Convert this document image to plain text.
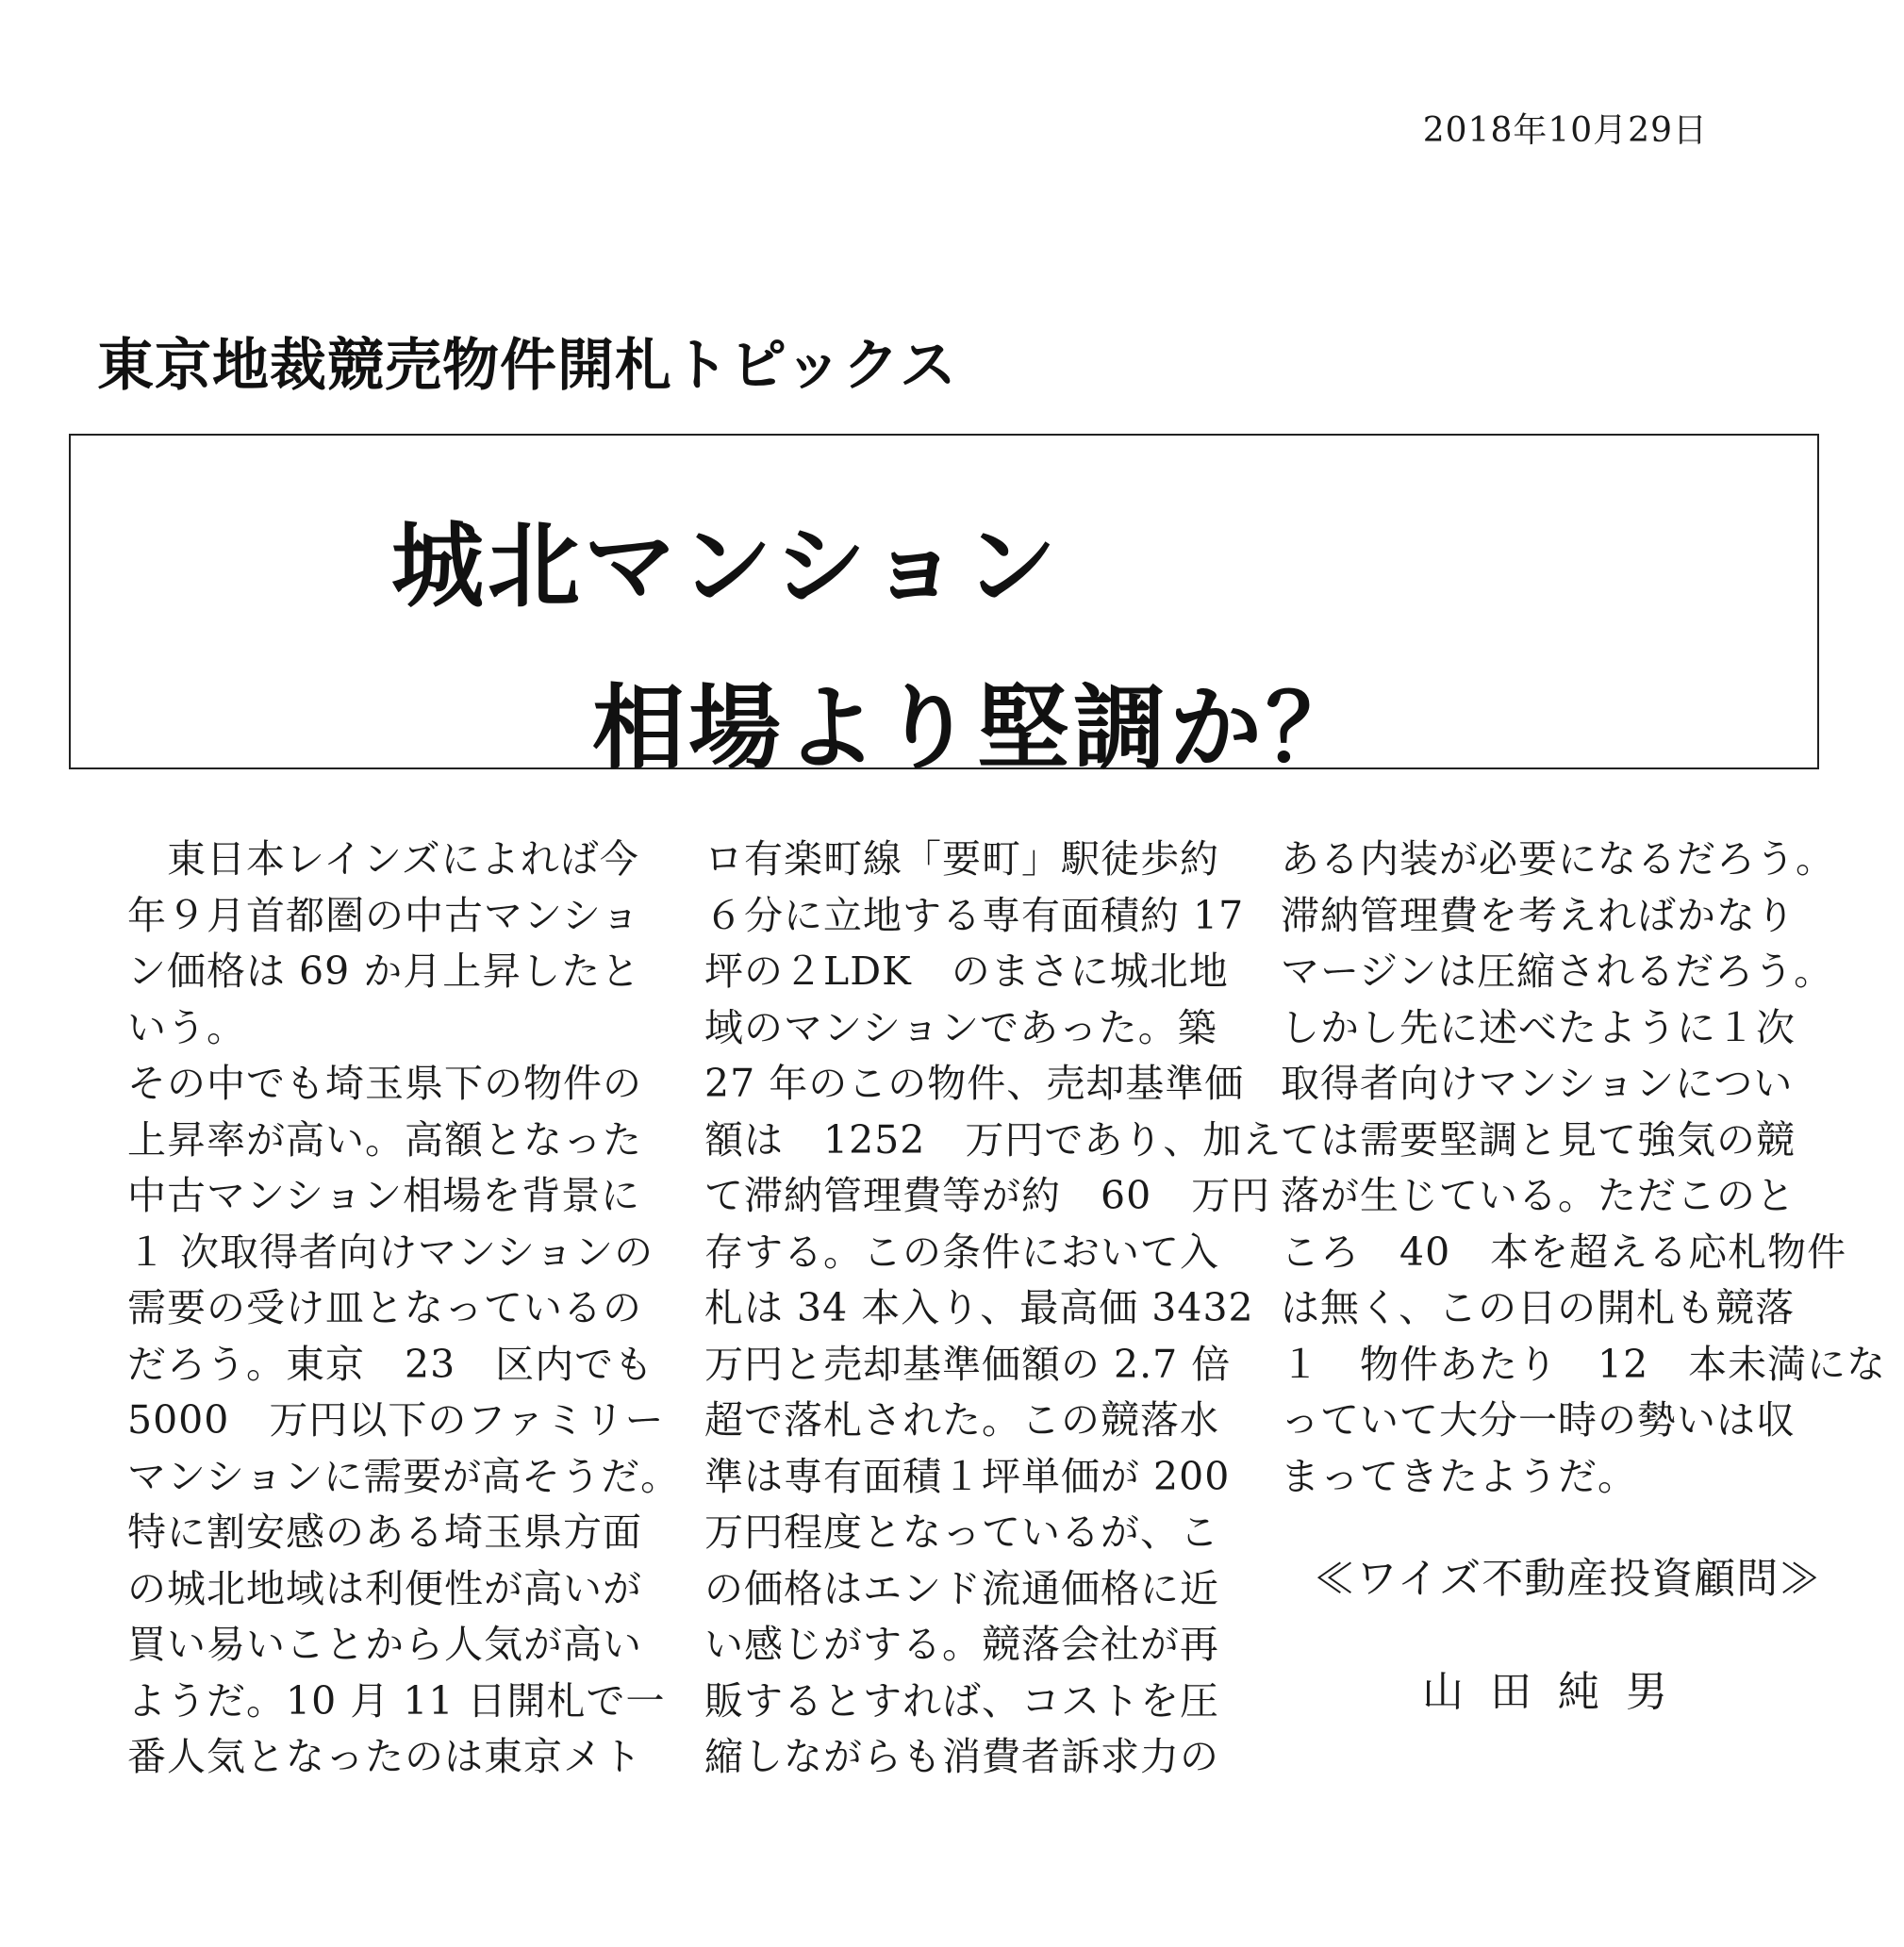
2018年10月29日
東京地裁競売物件開札トピックス
城北マンション
相場より堅調か？
　東日本レインズによれば今
年９月首都圏の中古マンショ
ン価格は 69 か月上昇したと
いう。
その中でも埼玉県下の物件の
上昇率が高い。高額となった
中古マンション相場を背景に
１ 次取得者向けマンションの
需要の受け皿となっているの
だろう。東京　23　区内でも
5000　万円以下のファミリー
マンションに需要が高そうだ。
特に割安感のある埼玉県方面
の城北地域は利便性が高いが
買い易いことから人気が高い
ようだ。10 月 11 日開札で一
番人気となったのは東京メト
ロ有楽町線「要町」駅徒歩約
６分に立地する専有面積約 17
坪の２LDK　のまさに城北地
域のマンションであった。築
27 年のこの物件、売却基準価
額は　1252　万円であり、加え
て滞納管理費等が約　60　万円
存する。この条件において入
札は 34 本入り、最高価 3432
万円と売却基準価額の 2.7 倍
超で落札された。この競落水
準は専有面積１坪単価が 200
万円程度となっているが、こ
の価格はエンド流通価格に近
い感じがする。競落会社が再
販するとすれば、コストを圧
縮しながらも消費者訴求力の
ある内装が必要になるだろう。
滞納管理費を考えればかなり
マージンは圧縮されるだろう。
しかし先に述べたように１次
取得者向けマンションについ
ては需要堅調と見て強気の競
落が生じている。ただこのと
ころ　40　本を超える応札物件
は無く、この日の開札も競落
１　物件あたり　12　本未満にな
っていて大分一時の勢いは収
まってきたようだ。
≪ワイズ不動産投資顧問≫
山田純男
